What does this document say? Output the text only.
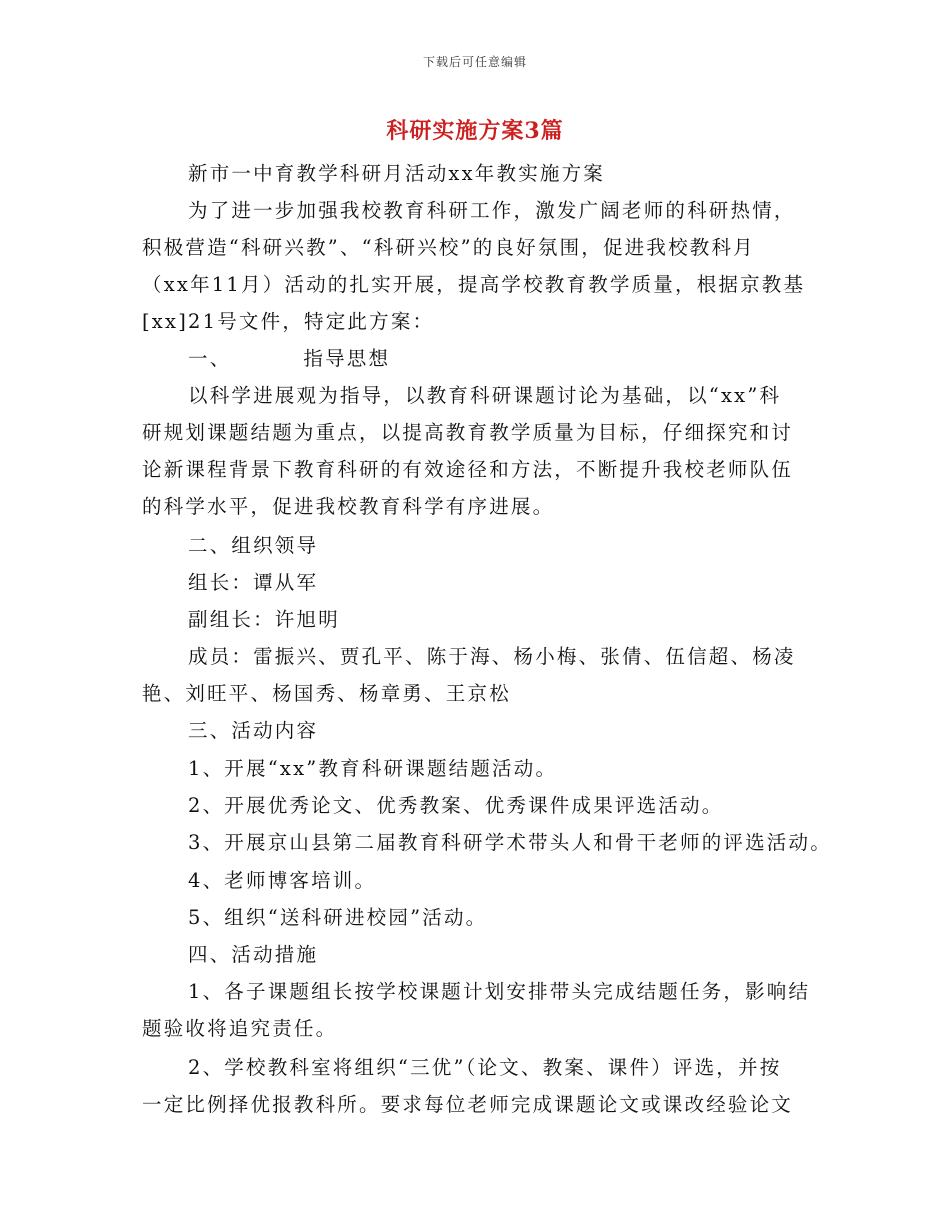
下载后可任意编辑
科研实施方案3篇
新市一中育教学科研月活动xx年教实施方案
为了进一步加强我校教育科研工作，激发广阔老师的科研热情，
积极营造“科研兴教”、“科研兴校”的良好氛围，促进我校教科月
（xx年11月）活动的扎实开展，提高学校教育教学质量，根据京教基
[xx]21号文件，特定此方案：
一、	指导思想
以科学进展观为指导，以教育科研课题讨论为基础，以“xx”科
研规划课题结题为重点，以提高教育教学质量为目标，仔细探究和讨
论新课程背景下教育科研的有效途径和方法，不断提升我校老师队伍
的科学水平，促进我校教育科学有序进展。
二、组织领导
组长：谭从军
副组长：许旭明
成员：雷振兴、贾孔平、陈于海、杨小梅、张倩、伍信超、杨凌
艳、刘旺平、杨国秀、杨章勇、王京松
三、活动内容
1、开展“xx”教育科研课题结题活动。
2、开展优秀论文、优秀教案、优秀课件成果评选活动。
3、开展京山县第二届教育科研学术带头人和骨干老师的评选活动。
4、老师博客培训。
5、组织“送科研进校园”活动。
四、活动措施
1、各子课题组长按学校课题计划安排带头完成结题任务，影响结
题验收将追究责任。
2、学校教科室将组织“三优”（论文、教案、课件）评选，并按
一定比例择优报教科所。要求每位老师完成课题论文或课改经验论文
